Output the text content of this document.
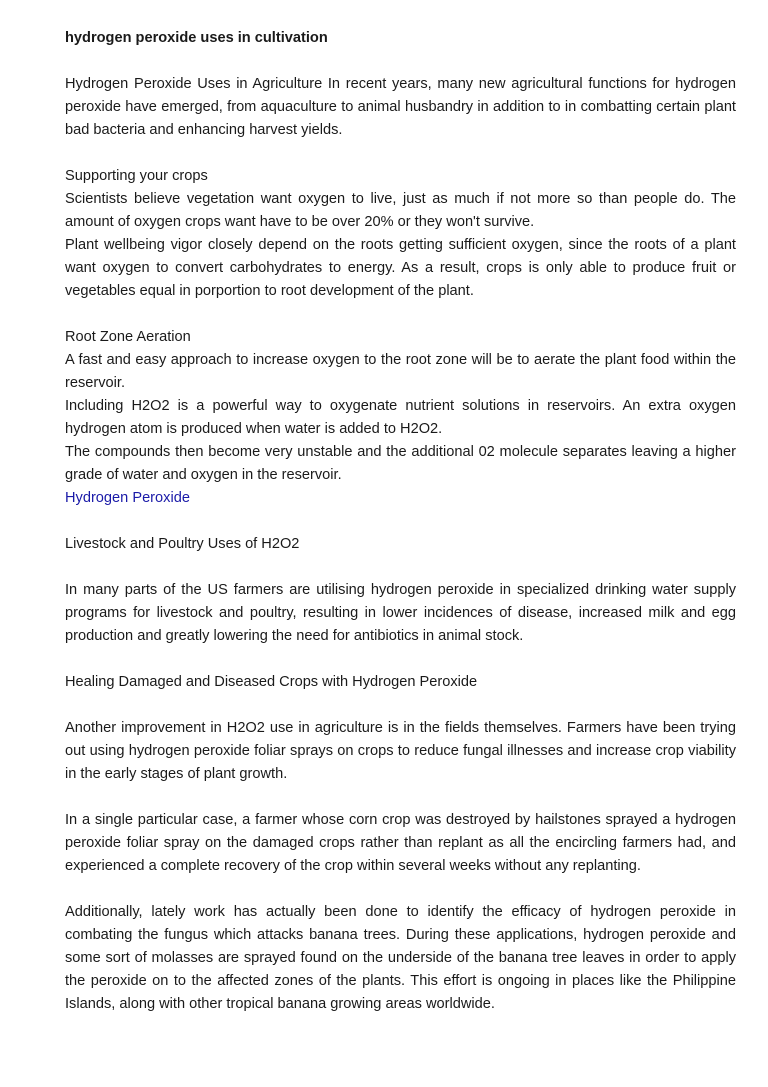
hydrogen peroxide uses in cultivation

Hydrogen Peroxide Uses in Agriculture In recent years, many new agricultural functions for hydrogen peroxide have emerged, from aquaculture to animal husbandry in addition to in combatting certain plant bad bacteria and enhancing harvest yields.

Supporting your crops

Scientists believe vegetation want oxygen to live, just as much if not more so than people do. The amount of oxygen crops want have to be over 20% or they won't survive.

Plant wellbeing vigor closely depend on the roots getting sufficient oxygen, since the roots of a plant want oxygen to convert carbohydrates to energy. As a result, crops is only able to produce fruit or vegetables equal in porportion to root development of the plant.

Root Zone Aeration

A fast and easy approach to increase oxygen to the root zone will be to aerate the plant food within the reservoir.

Including H2O2 is a powerful way to oxygenate nutrient solutions in reservoirs. An extra oxygen hydrogen atom is produced when water is added to H2O2.

The compounds then become very unstable and the additional 02 molecule separates leaving a higher grade of water and oxygen in the reservoir.

Hydrogen Peroxide

Livestock and Poultry Uses of H2O2

In many parts of the US farmers are utilising hydrogen peroxide in specialized drinking water supply programs for livestock and poultry, resulting in lower incidences of disease, increased milk and egg production and greatly lowering the need for antibiotics in animal stock.

Healing Damaged and Diseased Crops with Hydrogen Peroxide

Another improvement in H2O2 use in agriculture is in the fields themselves. Farmers have been trying out using hydrogen peroxide foliar sprays on crops to reduce fungal illnesses and increase crop viability in the early stages of plant growth.

In a single particular case, a farmer whose corn crop was destroyed by hailstones sprayed a hydrogen peroxide foliar spray on the damaged crops rather than replant as all the encircling farmers had, and experienced a complete recovery of the crop within several weeks without any replanting.

Additionally, lately work has actually been done to identify the efficacy of hydrogen peroxide in combating the fungus which attacks banana trees. During these applications, hydrogen peroxide and some sort of molasses are sprayed found on the underside of the banana tree leaves in order to apply the peroxide on to the affected zones of the plants. This effort is ongoing in places like the Philippine Islands, along with other tropical banana growing areas worldwide.
